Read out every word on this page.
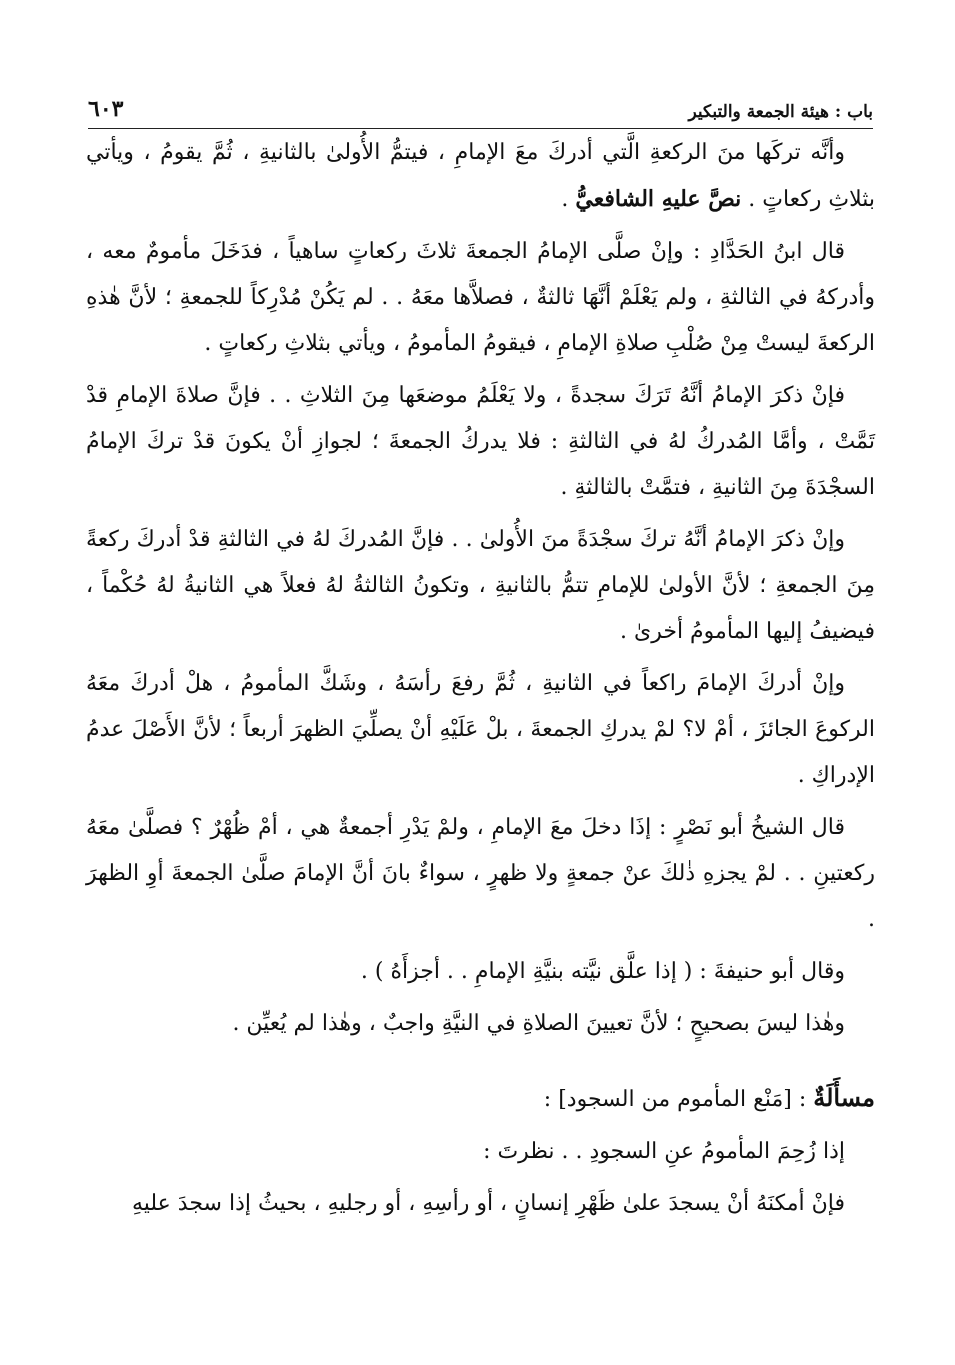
باب : هيئة الجمعة والتبكير
٦٠٣

وأنَّه تركَها منَ الركعةِ الَّتي أدركَ معَ الإمامِ ، فيتمُّ الأُولىٰ بالثانيةِ ، ثُمَّ يقومُ ، ويأتي بثلاثِ ركعاتٍ . نصَّ عليهِ الشافعيُّ .

قال ابنُ الحَدَّادِ : وإنْ صلَّى الإمامُ الجمعةَ ثلاثَ ركعاتٍ ساهياً ، فدَخَلَ مأمومٌ معه ، وأدركهُ في الثالثةِ ، ولم يَعْلَمْ أنَّهَا ثالثةٌ ، فصلاَّها معَهُ . . لم يَكُنْ مُدْرِكاً للجمعةِ ؛ لأنَّ هٰذهِ الركعةَ ليستْ مِنْ صُلْبِ صلاةِ الإمامِ ، فيقومُ المأمومُ ، ويأتي بثلاثِ ركعاتٍ .

فإنْ ذكرَ الإمامُ أنَّهُ تَرَكَ سجدةً ، ولا يَعْلَمُ موضعَها مِنَ الثلاثِ . . فإنَّ صلاةَ الإمامِ قدْ تَمَّتْ ، وأمَّا المُدركُ لهُ في الثالثةِ : فلا يدركُ الجمعةَ ؛ لجوازِ أنْ يكونَ قدْ تركَ الإمامُ السجْدَةَ مِنَ الثانيةِ ، فتمَّتْ بالثالثةِ .

وإنْ ذكرَ الإمامُ أنَّهُ تركَ سجْدَةً منَ الأُولىٰ . . فإنَّ المُدركَ لهُ في الثالثةِ قدْ أدركَ ركعةً مِنَ الجمعةِ ؛ لأنَّ الأولىٰ للإمامِ تتمُّ بالثانيةِ ، وتكونُ الثالثةُ لهُ فعلاً هي الثانيةُ لهُ حُكْماً ، فيضيفُ إليها المأمومُ أخرىٰ .

وإنْ أدركَ الإمامَ راكعاً في الثانيةِ ، ثُمَّ رفعَ رأسَهُ ، وشَكَّ المأمومُ ، هلْ أدركَ معَهُ الركوعَ الجائزَ ، أمْ لا؟ لمْ يدركِ الجمعةَ ، بلْ عَلَيْهِ أنْ يصلِّيَ الظهرَ أربعاً ؛ لأنَّ الأَصْلَ عدمُ الإدراكِ .

قال الشيخُ أبو نَصْرٍ : إذَا دخلَ معَ الإمامِ ، ولمْ يَدْرِ أجمعةٌ هي ، أمْ ظُهْرٌ ؟ فصلَّىٰ معَهُ ركعتينِ . . لمْ يجزهِ ذٰلكَ عنْ جمعةٍ ولا ظهرٍ ، سواءٌ بانَ أنَّ الإمامَ صلَّىٰ الجمعةَ أوِ الظهرَ .

وقال أبو حنيفةَ : ( إذا علَّق نيَّته بنيَّةِ الإمامِ . . أجزأَهُ ) .

وهٰذا ليسَ بصحيحٍ ؛ لأنَّ تعيينَ الصلاةِ في النيَّةِ واجبٌ ، وهٰذا لم يُعيِّن .

مسأَلَةٌ : [مَنْع المأموم من السجود] :

إذا زُحِمَ المأمومُ عنِ السجودِ . . نظرتَ :

فإنْ أمكنَهُ أنْ يسجدَ علىٰ ظَهْرِ إنسانٍ ، أو رأسِهِ ، أو رجليهِ ، بحيثُ إذا سجدَ عليهِ
